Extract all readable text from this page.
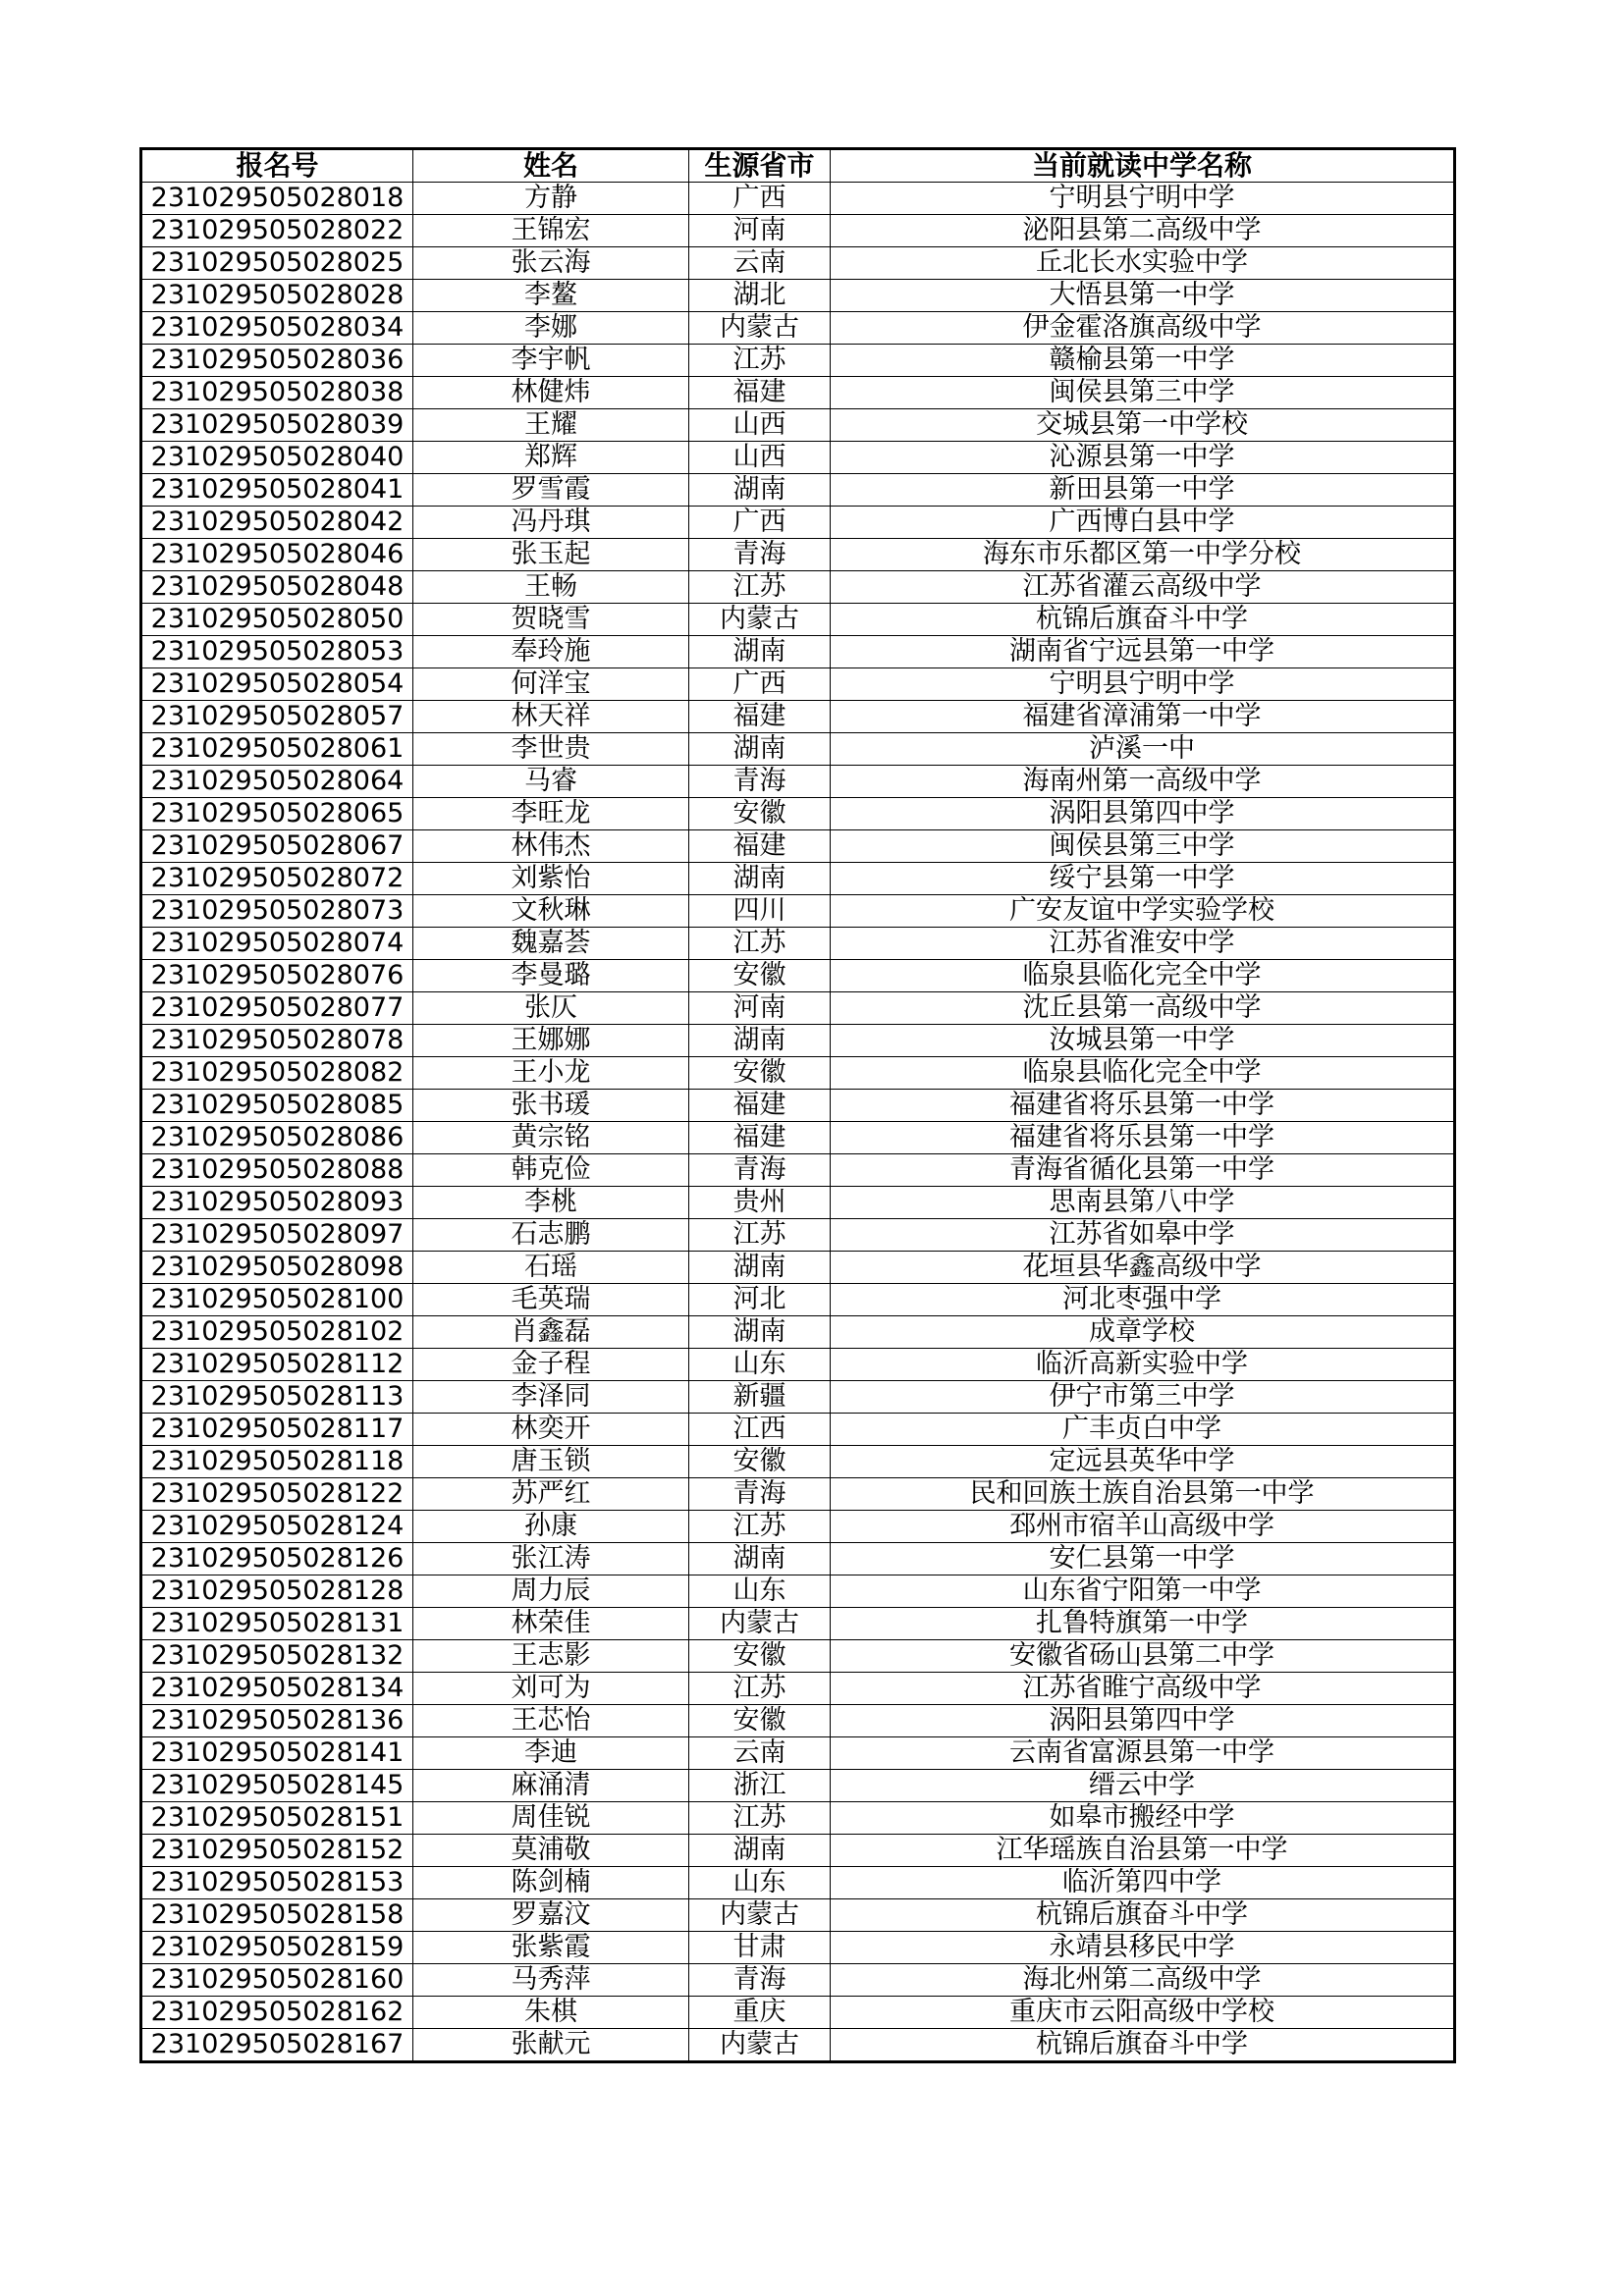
报名号	姓名	生源省市	当前就读中学名称
231029505028018	方静	广西	宁明县宁明中学
231029505028022	王锦宏	河南	泌阳县第二高级中学
231029505028025	张云海	云南	丘北长水实验中学
231029505028028	李鳌	湖北	大悟县第一中学
231029505028034	李娜	内蒙古	伊金霍洛旗高级中学
231029505028036	李宇帆	江苏	赣榆县第一中学
231029505028038	林健炜	福建	闽侯县第三中学
231029505028039	王耀	山西	交城县第一中学校
231029505028040	郑辉	山西	沁源县第一中学
231029505028041	罗雪霞	湖南	新田县第一中学
231029505028042	冯丹琪	广西	广西博白县中学
231029505028046	张玉起	青海	海东市乐都区第一中学分校
231029505028048	王畅	江苏	江苏省灌云高级中学
231029505028050	贺晓雪	内蒙古	杭锦后旗奋斗中学
231029505028053	奉玲施	湖南	湖南省宁远县第一中学
231029505028054	何洋宝	广西	宁明县宁明中学
231029505028057	林天祥	福建	福建省漳浦第一中学
231029505028061	李世贵	湖南	泸溪一中
231029505028064	马睿	青海	海南州第一高级中学
231029505028065	李旺龙	安徽	涡阳县第四中学
231029505028067	林伟杰	福建	闽侯县第三中学
231029505028072	刘紫怡	湖南	绥宁县第一中学
231029505028073	文秋琳	四川	广安友谊中学实验学校
231029505028074	魏嘉荟	江苏	江苏省淮安中学
231029505028076	李曼璐	安徽	临泉县临化完全中学
231029505028077	张仄	河南	沈丘县第一高级中学
231029505028078	王娜娜	湖南	汝城县第一中学
231029505028082	王小龙	安徽	临泉县临化完全中学
231029505028085	张书瑗	福建	福建省将乐县第一中学
231029505028086	黄宗铭	福建	福建省将乐县第一中学
231029505028088	韩克俭	青海	青海省循化县第一中学
231029505028093	李桃	贵州	思南县第八中学
231029505028097	石志鹏	江苏	江苏省如皋中学
231029505028098	石瑶	湖南	花垣县华鑫高级中学
231029505028100	毛英瑞	河北	河北枣强中学
231029505028102	肖鑫磊	湖南	成章学校
231029505028112	金子程	山东	临沂高新实验中学
231029505028113	李泽同	新疆	伊宁市第三中学
231029505028117	林奕开	江西	广丰贞白中学
231029505028118	唐玉锁	安徽	定远县英华中学
231029505028122	苏严红	青海	民和回族土族自治县第一中学
231029505028124	孙康	江苏	邳州市宿羊山高级中学
231029505028126	张江涛	湖南	安仁县第一中学
231029505028128	周力辰	山东	山东省宁阳第一中学
231029505028131	林荣佳	内蒙古	扎鲁特旗第一中学
231029505028132	王志影	安徽	安徽省砀山县第二中学
231029505028134	刘可为	江苏	江苏省睢宁高级中学
231029505028136	王芯怡	安徽	涡阳县第四中学
231029505028141	李迪	云南	云南省富源县第一中学
231029505028145	麻涌清	浙江	缙云中学
231029505028151	周佳锐	江苏	如皋市搬经中学
231029505028152	莫浦敬	湖南	江华瑶族自治县第一中学
231029505028153	陈剑楠	山东	临沂第四中学
231029505028158	罗嘉汶	内蒙古	杭锦后旗奋斗中学
231029505028159	张紫霞	甘肃	永靖县移民中学
231029505028160	马秀萍	青海	海北州第二高级中学
231029505028162	朱棋	重庆	重庆市云阳高级中学校
231029505028167	张献元	内蒙古	杭锦后旗奋斗中学
